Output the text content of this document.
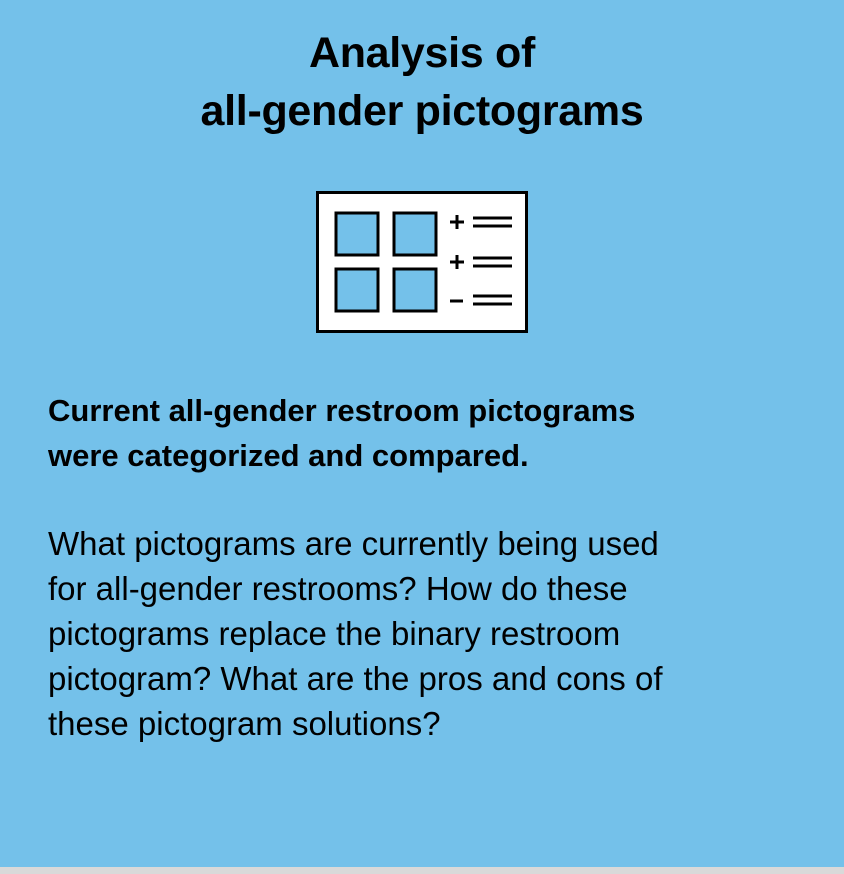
Analysis of
all-gender pictograms

Current all-gender restroom pictograms
were categorized and compared.

What pictograms are currently being used
for all-gender restrooms? How do these
pictograms replace the binary restroom
pictogram? What are the pros and cons of
these pictogram solutions?
